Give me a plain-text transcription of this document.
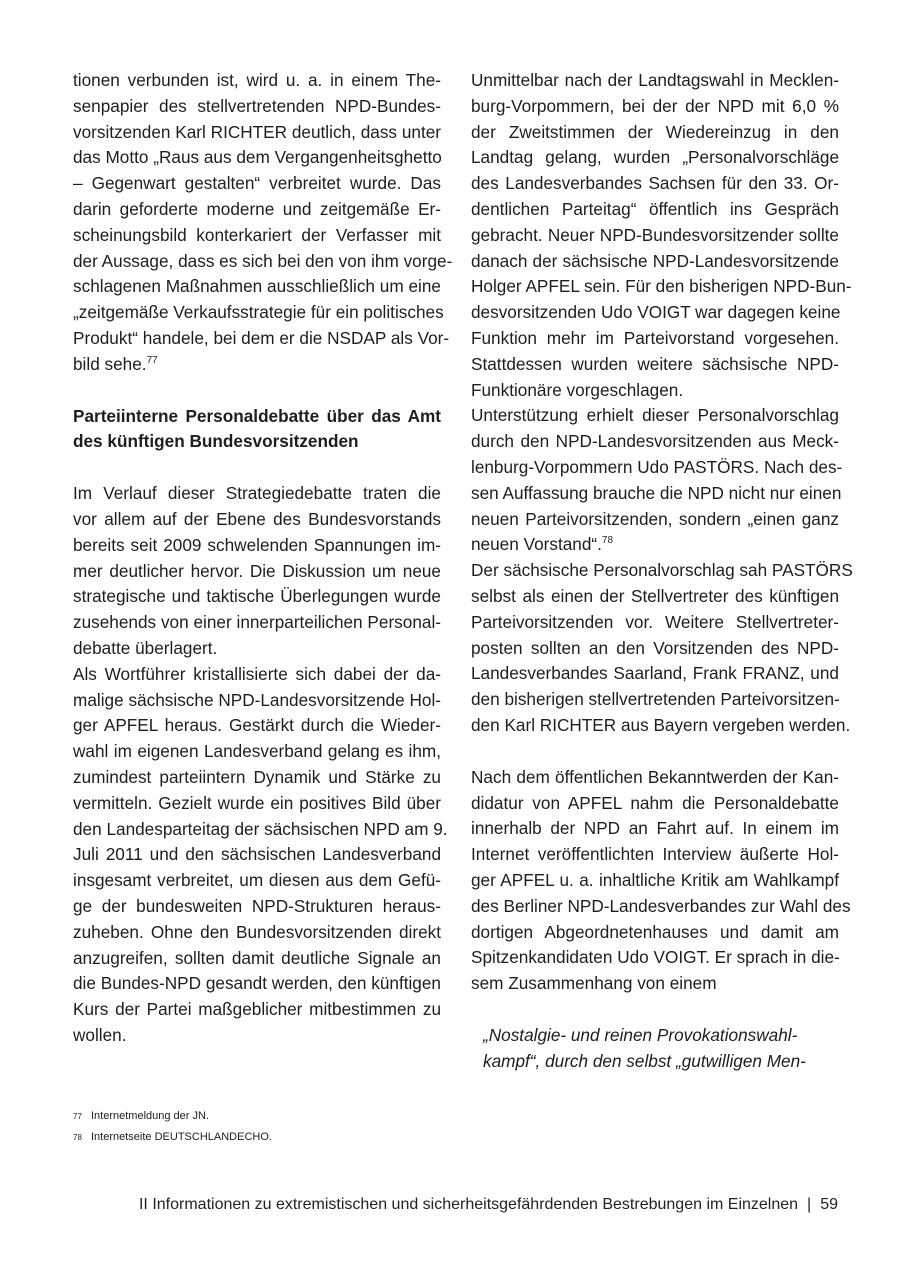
tionen verbunden ist, wird u. a. in einem The-
senpapier des stellvertretenden NPD-Bundes-
vorsitzenden Karl RICHTER deutlich, dass unter
das Motto „Raus aus dem Vergangenheitsghetto
– Gegenwart gestalten“ verbreitet wurde. Das
darin geforderte moderne und zeitgemäße Er-
scheinungsbild konterkariert der Verfasser mit
der Aussage, dass es sich bei den von ihm vorge-
schlagenen Maßnahmen ausschließlich um eine
„zeitgemäße Verkaufsstrategie für ein politisches
Produkt“ handele, bei dem er die NSDAP als Vor-
bild sehe.$^{77}$
Parteiinterne Personaldebatte über das Amt
des künftigen Bundesvorsitzenden
Im Verlauf dieser Strategiedebatte traten die
vor allem auf der Ebene des Bundesvorstands
bereits seit 2009 schwelenden Spannungen im-
mer deutlicher hervor. Die Diskussion um neue
strategische und taktische Überlegungen wurde
zusehends von einer innerparteilichen Personal-
debatte überlagert.
Als Wortführer kristallisierte sich dabei der da-
malige sächsische NPD-Landesvorsitzende Hol-
ger APFEL heraus. Gestärkt durch die Wieder-
wahl im eigenen Landesverband gelang es ihm,
zumindest parteiintern Dynamik und Stärke zu
vermitteln. Gezielt wurde ein positives Bild über
den Landesparteitag der sächsischen NPD am 9.
Juli 2011 und den sächsischen Landesverband
insgesamt verbreitet, um diesen aus dem Gefü-
ge der bundesweiten NPD-Strukturen heraus-
zuheben. Ohne den Bundesvorsitzenden direkt
anzugreifen, sollten damit deutliche Signale an
die Bundes-NPD gesandt werden, den künftigen
Kurs der Partei maßgeblicher mitbestimmen zu
wollen.
Unmittelbar nach der Landtagswahl in Mecklen-
burg-Vorpommern, bei der der NPD mit 6,0 %
der Zweitstimmen der Wiedereinzug in den
Landtag gelang, wurden „Personalvorschläge
des Landesverbandes Sachsen für den 33. Or-
dentlichen Parteitag“ öffentlich ins Gespräch
gebracht. Neuer NPD-Bundesvorsitzender sollte
danach der sächsische NPD-Landesvorsitzende
Holger APFEL sein. Für den bisherigen NPD-Bun-
desvorsitzenden Udo VOIGT war dagegen keine
Funktion mehr im Parteivorstand vorgesehen.
Stattdessen wurden weitere sächsische NPD-
Funktionäre vorgeschlagen.
Unterstützung erhielt dieser Personalvorschlag
durch den NPD-Landesvorsitzenden aus Meck-
lenburg-Vorpommern Udo PASTÖRS. Nach des-
sen Auffassung brauche die NPD nicht nur einen
neuen Parteivorsitzenden, sondern „einen ganz
neuen Vorstand“.$^{78}$
Der sächsische Personalvorschlag sah PASTÖRS
selbst als einen der Stellvertreter des künftigen
Parteivorsitzenden vor. Weitere Stellvertreter-
posten sollten an den Vorsitzenden des NPD-
Landesverbandes Saarland, Frank FRANZ, und
den bisherigen stellvertretenden Parteivorsitzen-
den Karl RICHTER aus Bayern vergeben werden.
Nach dem öffentlichen Bekanntwerden der Kan-
didatur von APFEL nahm die Personaldebatte
innerhalb der NPD an Fahrt auf. In einem im
Internet veröffentlichten Interview äußerte Hol-
ger APFEL u. a. inhaltliche Kritik am Wahlkampf
des Berliner NPD-Landesverbandes zur Wahl des
dortigen Abgeordnetenhauses und damit am
Spitzenkandidaten Udo VOIGT. Er sprach in die-
sem Zusammenhang von einem
„Nostalgie- und reinen Provokationswahl-
kampf“, durch den selbst „gutwilligen Men-
77 Internetmeldung der JN.
78 Internetseite DEUTSCHLANDECHO.
II Informationen zu extremistischen und sicherheitsgefährdenden Bestrebungen im Einzelnen | 59
